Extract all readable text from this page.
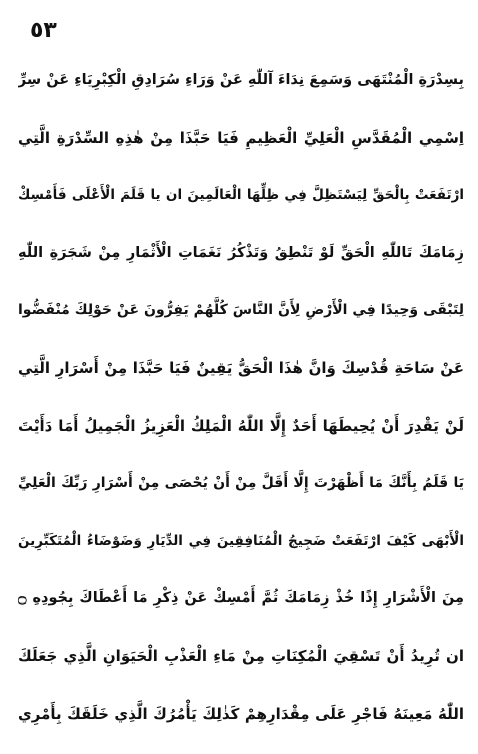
٥٣
بِسِدْرَةِ الْمُنْتَهَى وَسَمِعَ نِدَاءَ آللّٰهِ عَنْ وَرَاءِ سُرَادِقِ الْكِبْرِيَاءِ عَنْ سِرِّ
اِسْمِي الْمُقَدَّسِ الْعَلِيِّ الْعَظِيمِ فَيَا حَبَّذَا مِنْ هٰذِهِ السِّدْرَةِ الَّتِي
ارْتَفَعَتْ بِالْحَقِّ لِيَسْتَظِلَّ فِي ظِلِّهَا الْعَالَمِينَ ان يا قَلَمَ الْأَعْلَى فَأَمْسِكْ
زِمَامَكَ تَاللّٰهِ الْحَقِّ لَوْ تَنْطِقُ وَتَذْكُرُ نَغَمَاتِ الْأَثْمَارِ مِنْ شَجَرَةِ اللّٰهِ
لِتَبْقَى وَحِيدًا فِي الْأَرْضِ لِأَنَّ النَّاسَ كُلَّهُمْ يَفِرُّونَ عَنْ حَوْلِكَ مُنْفَضُّوا
عَنْ سَاحَةِ قُدْسِكَ وَانَّ هٰذَا الْحَقُّ يَقِينٌ فَيَا حَبَّذَا مِنْ أَسْرَارِ الَّتِي
لَنْ يَقْدِرَ أَنْ يُحِيطَهَا أَحَدٌ إِلَّا اللّٰهُ الْمَلِكُ الْعَزِيزُ الْجَمِيلُ أَمَا دَأَيْتَ
يَا قَلَمُ بِأَنَّكَ مَا أَظْهَرْتَ إِلَّا أَقَلَّ مِنْ أَنْ يُحْصَى مِنْ أَسْرَارِ رَبِّكَ الْعَلِيِّ
الْأَبْهَى كَيْفَ ارْتَفَعَتْ ضَجِيجُ الْمُنَافِقِينَ فِي الدِّيَارِ وَضَوْضَاءُ الْمُتَكَبِّرِينَ
مِنَ الْأَشْرَارِ إِذًا خُذْ زِمَامَكَ ثُمَّ أَمْسِكْ عَنْ ذِكْرِ مَا أَعْطَاكَ بِجُودِهِ ۝
ان تُرِيدُ أَنْ تَسْقِيَ الْمُكِنَاتِ مِنْ مَاءِ الْعَذْبِ الْحَيَوَانِ الَّذِي جَعَلَكَ
اللّٰهُ مَعِينَهُ فَاجْرِ عَلَى مِقْدَارِهِمْ كَذٰلِكَ يَأْمُرُكَ الَّذِي خَلَقَكَ بِأَمْرِي
